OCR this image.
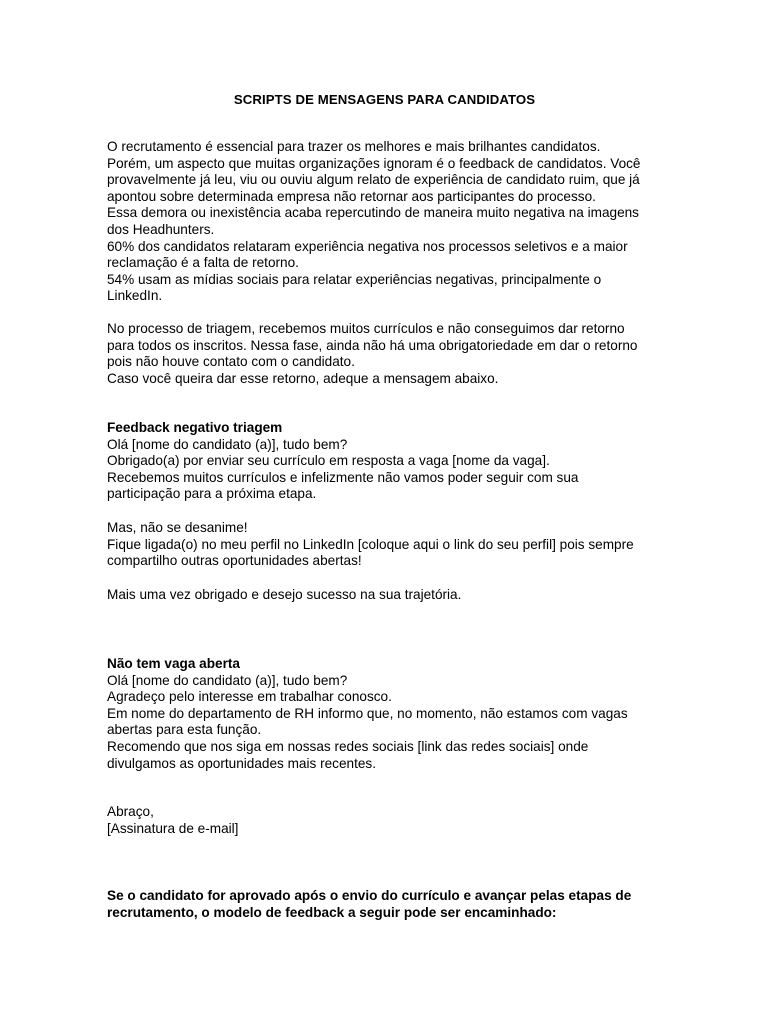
SCRIPTS DE MENSAGENS PARA CANDIDATOS
O recrutamento é essencial para trazer os melhores e mais brilhantes candidatos.
Porém, um aspecto que muitas organizações ignoram é o feedback de candidatos. Você
provavelmente já leu, viu ou ouviu algum relato de experiência de candidato ruim, que já
apontou sobre determinada empresa não retornar aos participantes do processo.
Essa demora ou inexistência acaba repercutindo de maneira muito negativa na imagens
dos Headhunters.
60% dos candidatos relataram experiência negativa nos processos seletivos e a maior
reclamação é a falta de retorno.
54% usam as mídias sociais para relatar experiências negativas, principalmente o
LinkedIn.
No processo de triagem, recebemos muitos currículos e não conseguimos dar retorno
para todos os inscritos. Nessa fase, ainda não há uma obrigatoriedade em dar o retorno
pois não houve contato com o candidato.
Caso você queira dar esse retorno, adeque a mensagem abaixo.
Feedback negativo triagem
Olá [nome do candidato (a)], tudo bem?
Obrigado(a) por enviar seu currículo em resposta a vaga [nome da vaga].
Recebemos muitos currículos e infelizmente não vamos poder seguir com sua
participação para a próxima etapa.
Mas, não se desanime!
Fique ligada(o) no meu perfil no LinkedIn [coloque aqui o link do seu perfil] pois sempre
compartilho outras oportunidades abertas!
Mais uma vez obrigado e desejo sucesso na sua trajetória.
Não tem vaga aberta
Olá [nome do candidato (a)], tudo bem?
Agradeço pelo interesse em trabalhar conosco.
Em nome do departamento de RH informo que, no momento, não estamos com vagas
abertas para esta função.
Recomendo que nos siga em nossas redes sociais [link das redes sociais] onde
divulgamos as oportunidades mais recentes.
Abraço,
[Assinatura de e-mail]
Se o candidato for aprovado após o envio do currículo e avançar pelas etapas de
recrutamento, o modelo de feedback a seguir pode ser encaminhado:
